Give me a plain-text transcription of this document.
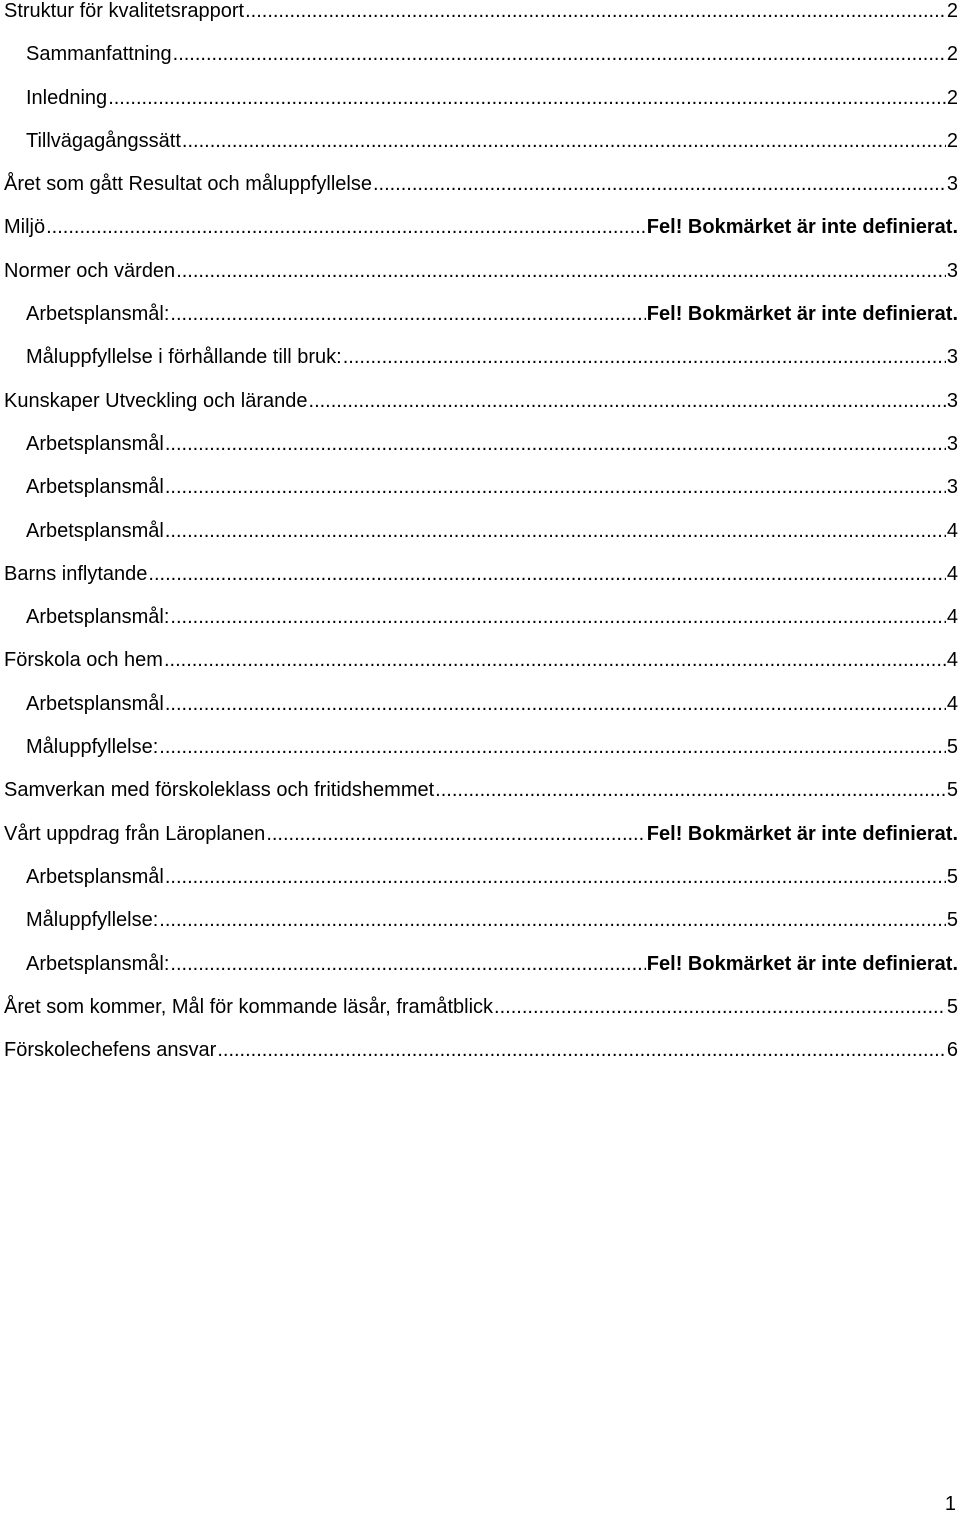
Struktur för kvalitetsrapport .....	2
Sammanfattning .....	2
Inledning .....	2
Tillvägagångssätt .....	2
Året som gått Resultat och måluppfyllelse .....	3
Miljö .....	Fel! Bokmärket är inte definierat.
Normer och värden .....	3
Arbetsplansmål: .....	Fel! Bokmärket är inte definierat.
Måluppfyllelse i förhållande till bruk: .....	3
Kunskaper Utveckling och lärande .....	3
Arbetsplansmål .....	3
Arbetsplansmål .....	3
Arbetsplansmål .....	4
Barns inflytande .....	4
Arbetsplansmål: .....	4
Förskola och hem .....	4
Arbetsplansmål .....	4
Måluppfyllelse: .....	5
Samverkan med förskoleklass och fritidshemmet .....	5
Vårt uppdrag från Läroplanen .....	Fel! Bokmärket är inte definierat.
Arbetsplansmål .....	5
Måluppfyllelse: .....	5
Arbetsplansmål: .....	Fel! Bokmärket är inte definierat.
Året som kommer, Mål för kommande läsår, framåtblick .....	5
Förskolechefens ansvar .....	6
1
